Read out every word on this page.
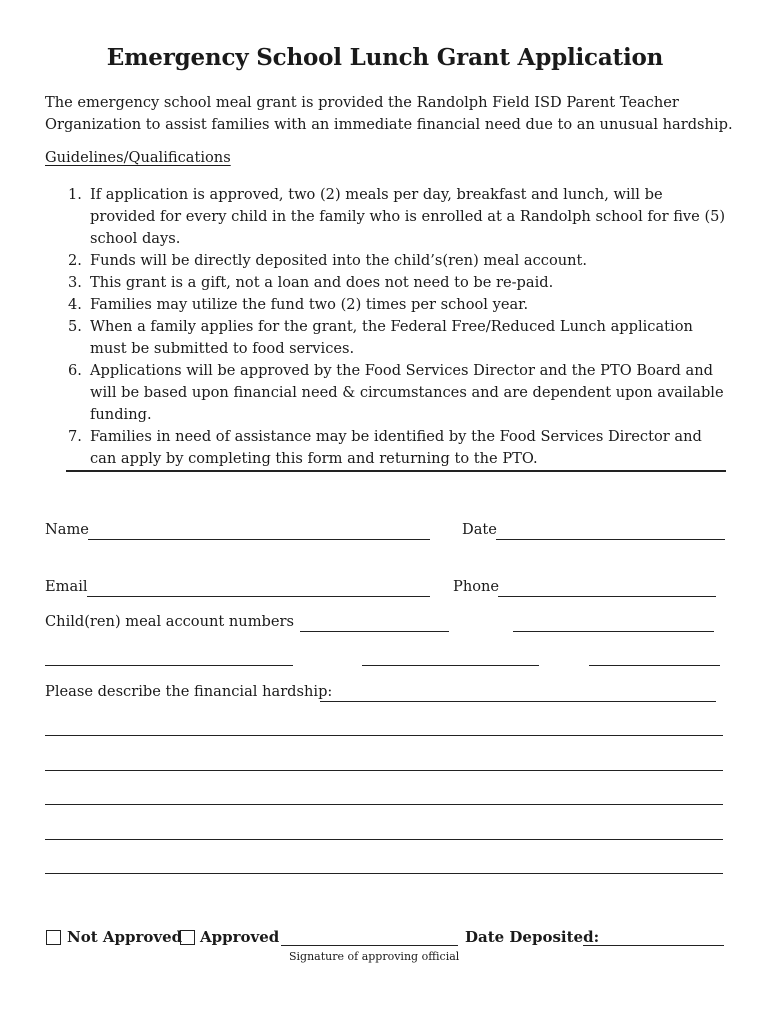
Emergency School Lunch Grant Application
The emergency school meal grant is provided the Randolph Field ISD Parent Teacher Organization to assist families with an immediate financial need due to an unusual hardship.
Guidelines/Qualifications
1. If application is approved, two (2) meals per day, breakfast and lunch, will be provided for every child in the family who is enrolled at a Randolph school for five (5) school days.
2. Funds will be directly deposited into the child’s(ren) meal account.
3. This grant is a gift, not a loan and does not need to be re-paid.
4. Families may utilize the fund two (2) times per school year.
5. When a family applies for the grant, the Federal Free/Reduced Lunch application must be submitted to food services.
6. Applications will be approved by the Food Services Director and the PTO Board and will be based upon financial need & circumstances and are dependent upon available funding.
7. Families in need of assistance may be identified by the Food Services Director and can apply by completing this form and returning to the PTO.
Name	Date
Email	Phone
Child(ren) meal account numbers
Please describe the financial hardship:
Not Approved Approved	Date Deposited:
Signature of approving official
